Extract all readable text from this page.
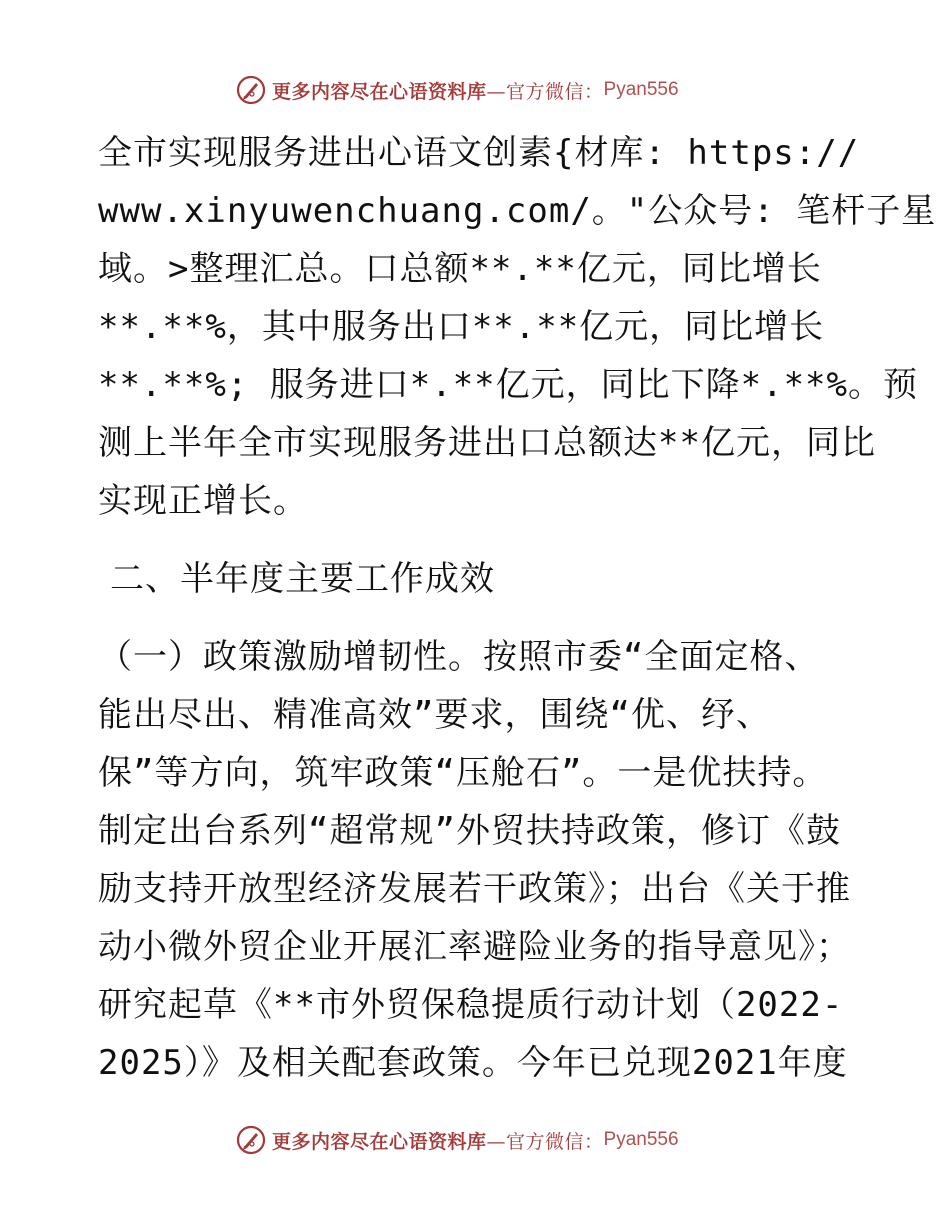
更多内容尽在心语资料库 —官方微信： Pyan556
全市实现服务进出心语文创素{材库: https://
www.xinyuwenchuang.com/。"公众号: 笔杆子星
域。>整理汇总。口总额**.**亿元，同比增长
**.**%，其中服务出口**.**亿元，同比增长
**.**%; 服务进口*.**亿元，同比下降*.**%。预
测上半年全市实现服务进出口总额达**亿元，同比
实现正增长。
二、半年度主要工作成效
（一）政策激励增韧性。按照市委“全面定格、
能出尽出、精准高效”要求，围绕“优、纾、
保”等方向，筑牢政策“压舱石”。一是优扶持。
制定出台系列“超常规”外贸扶持政策，修订《鼓
励支持开放型经济发展若干政策》；出台《关于推
动小微外贸企业开展汇率避险业务的指导意见》；
研究起草《**市外贸保稳提质行动计划（2022-
2025）》及相关配套政策。今年已兑现2021年度
更多内容尽在心语资料库 —官方微信： Pyan556
